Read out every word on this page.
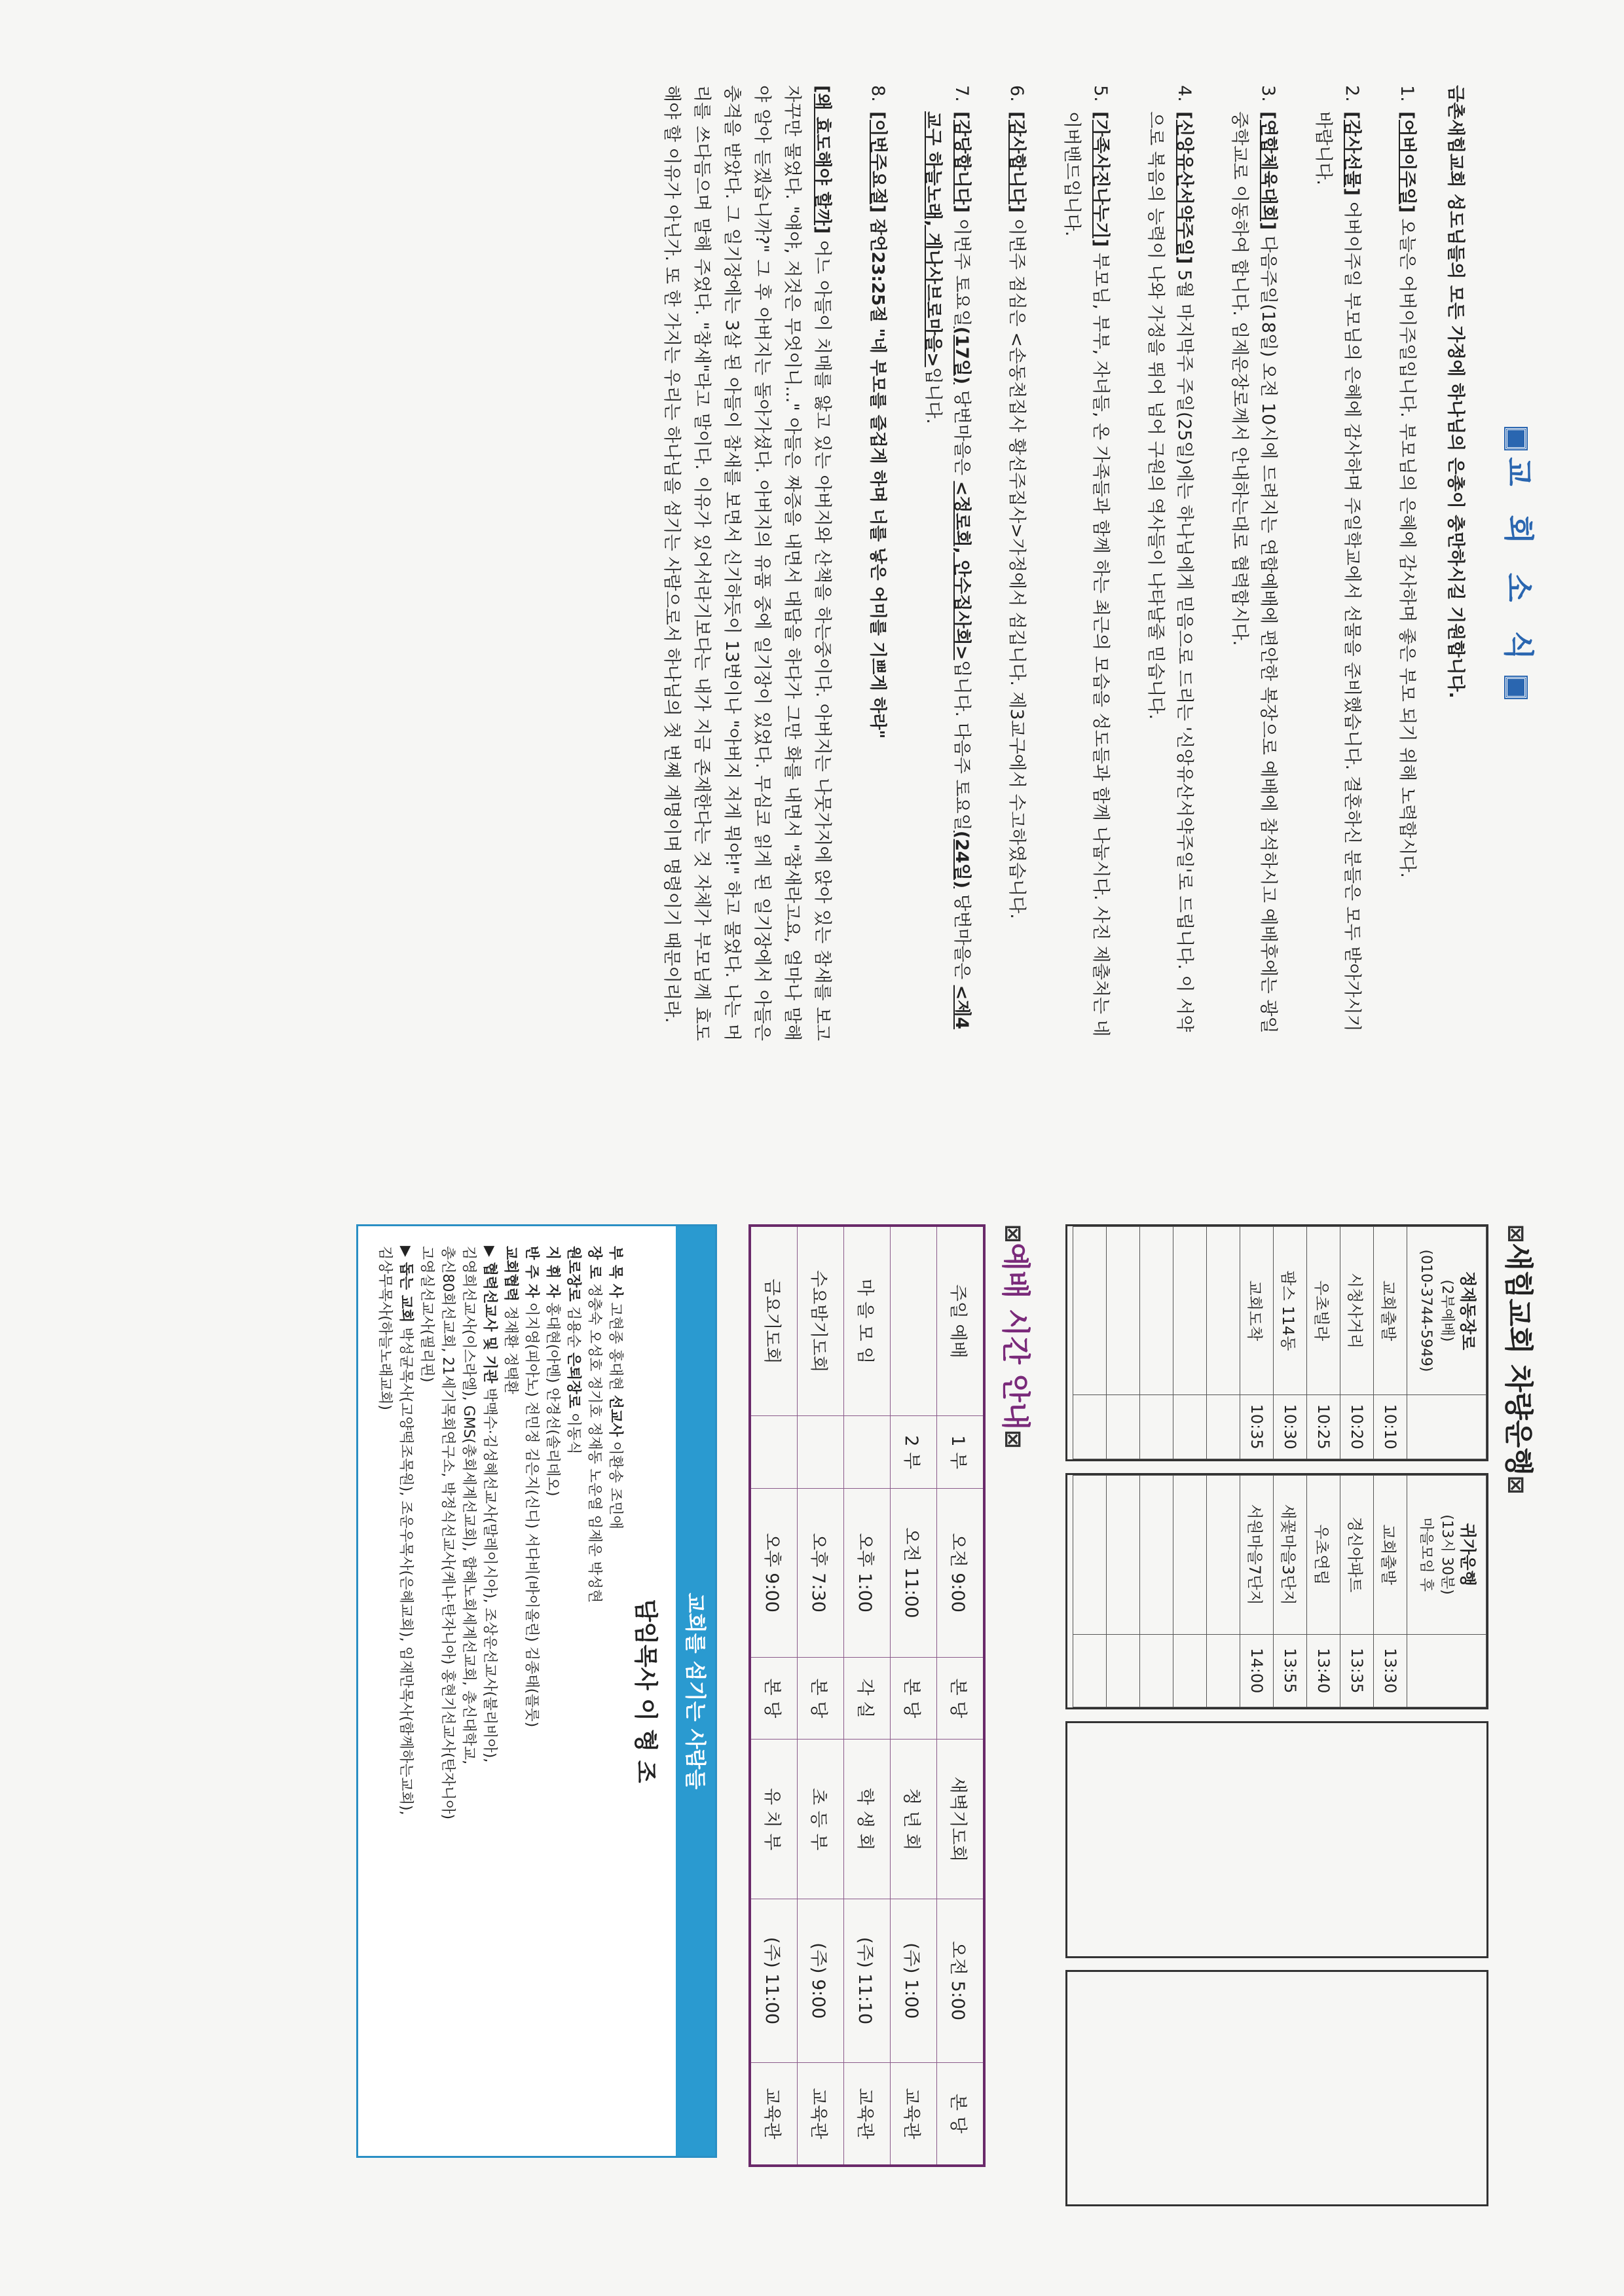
교 회 소 식
금촌새힘교회 성도님들의 모든 가정에 하나님의 은총이 충만하시길 기원합니다.
1.
[어버이주일] 오늘은 어버이주일입니다. 부모님의 은혜에 감사하며 좋은 부모 되기 위해 노력합시다.
2.
[감사선물] 어버이주일 부모님의 은혜에 감사하며 주일학교에서 선물을 준비했습니다. 결혼하신 분들은 모두 받아가시기 바랍니다.
3.
[연합체육대회] 다음주일(18일) 오전 10시에 드려지는 연합예배에 편안한 복장으로 예배에 참석하시고 예배후에는 광일중학교로 이동하여 합니다. 임제운장로께서 안내하는대로 협력합시다.
4.
[신앙유산서약주일] 5월 마지막주 주일(25일)에는 하나님에게 믿음으로 드리는 '신앙유산서약주일'로 드립니다. 이 서약으로 복음의 능력이 나와 가정을 뛰어 넘어 구원의 역사들이 나타날줄 믿습니다.
5.
[가족사진나누기] 부모님, 부부, 자녀들, 온 가족들과 함께 하는 최근의 모습을 성도들과 함께 나눕시다. 사진 제출처는 네이버밴드입니다.
6.
[감사합니다] 이번주 점심은 <손동천집사 황선주집사>가정에서 섬깁니다. 제3교구에서 수고하였습니다.
7.
[감당합니다] 이번주 토요일(17일) 당번마을은 <정로회, 안수집사회>입니다. 다음주 토요일(24일) 당번마을은 <제4교구 하늘노래, 게나사브로마을>입니다.
8.
[이번주요절] 잠언23:25절 "네 부모를 즐겁게 하며 너를 낳은 어미를 기쁘게 하라"
[왜 효도해야 할까] 어느 아들이 치매를 앓고 있는 아버지와 산책을 하는중이다. 아버지는 나뭇가지에 앉아 있는 참새를 보고 자꾸만 물었다. "얘야, 저것은 무엇이니..." 아들은 짜증을 내면서 대답을 하다가 그만 화를 내면서 "참새라고요, 얼마나 말해야 알아 듣겠습니까?" 그 후 아버지는 돌아가셨다. 아버지의 유품 중에 일기장이 있었다. 무심코 읽게 된 일기장에서 아들은 충격을 받았다. 그 일기장에는 3살 된 아들이 참새를 보면서 신기하듯이 13번이나 "아버지 저게 뭐야!" 하고 물었다. 나는 머리를 쓰다듬으며 말해 주었다. "참새"라고 말이다. 이유가 있어서라기보다는 내가 지금 존재한다는 것 자체가 부모님께 효도해야 할 이유가 아닌가. 또 한 가지는 우리는 하나님을 섬기는 사람으로서 하나님의 첫 번째 계명이며 명령이기 때문이리라.
⊠새힘교회 차량운행⊠
정재동장로
(2부예배)
(010-3744-5949)	

교회출발	10:10
시청사거리	10:20
우초빌라	10:25
팜스 114동	10:30
교회도착	10:35

귀가운행
(13시 30분)
마을모임 후	

교회출발	13:30
경신아파트	13:35
우초연립	13:40
새꽃마을3단지	13:55
서원마을7단지	14:00

⊠예배 시간 안내⊠
주일 예배	1 부	오전 9:00	본 당	새벽기도회	오전 5:00	본 당
	2 부	오전 11:00	본 당	청 년 회	(주) 1:00	교육관
마 을 모 임		오후 1:00	각 실	학 생 회	(주) 11:10	교육관
수요밤기도회		오후 7:30	본 당	초 등 부	(주) 9:00	교육관
금요기도회		오후 9:00	본 당	유 치 부	(주) 11:00	교육관
교회를 섬기는 사람들
담임목사 이 형 조
부 목 사 고현종 홍대현 선교사 이환송 조민애
장 로 정충숙 오성호 정기호 정재동 노운열 임제운 박성현
원로장로 김용순 은퇴장로 이동식
지 휘 자 홍대현(아멘) 안경선(솔리데오)
반 주 자 이지영(피아노) 전민정 김은지(신디) 서다비(바이올린) 김종태(플룻)
교회협력 정재환 정택환
▶ 협력선교사 및 기관 박맥수·김성혜선교사(말레이시아), 조상운선교사(불리비아),
김영희선교사(이스라엘), GMS(총회세계선교회), 합혜노회세계선교회, 총신대학교,
총신80회선교회, 21세기목회연구소, 박정식선교사(케냐·탄자니아) 홍현기선교사(탄자니아)
고영실선교사(필리핀)
▶ 돕는 교회 박성균목사(고양떡조목원), 조운우목사(은혜교회), 임재만목사(함께하는교회),
김상무목사(하늘노래교회)
